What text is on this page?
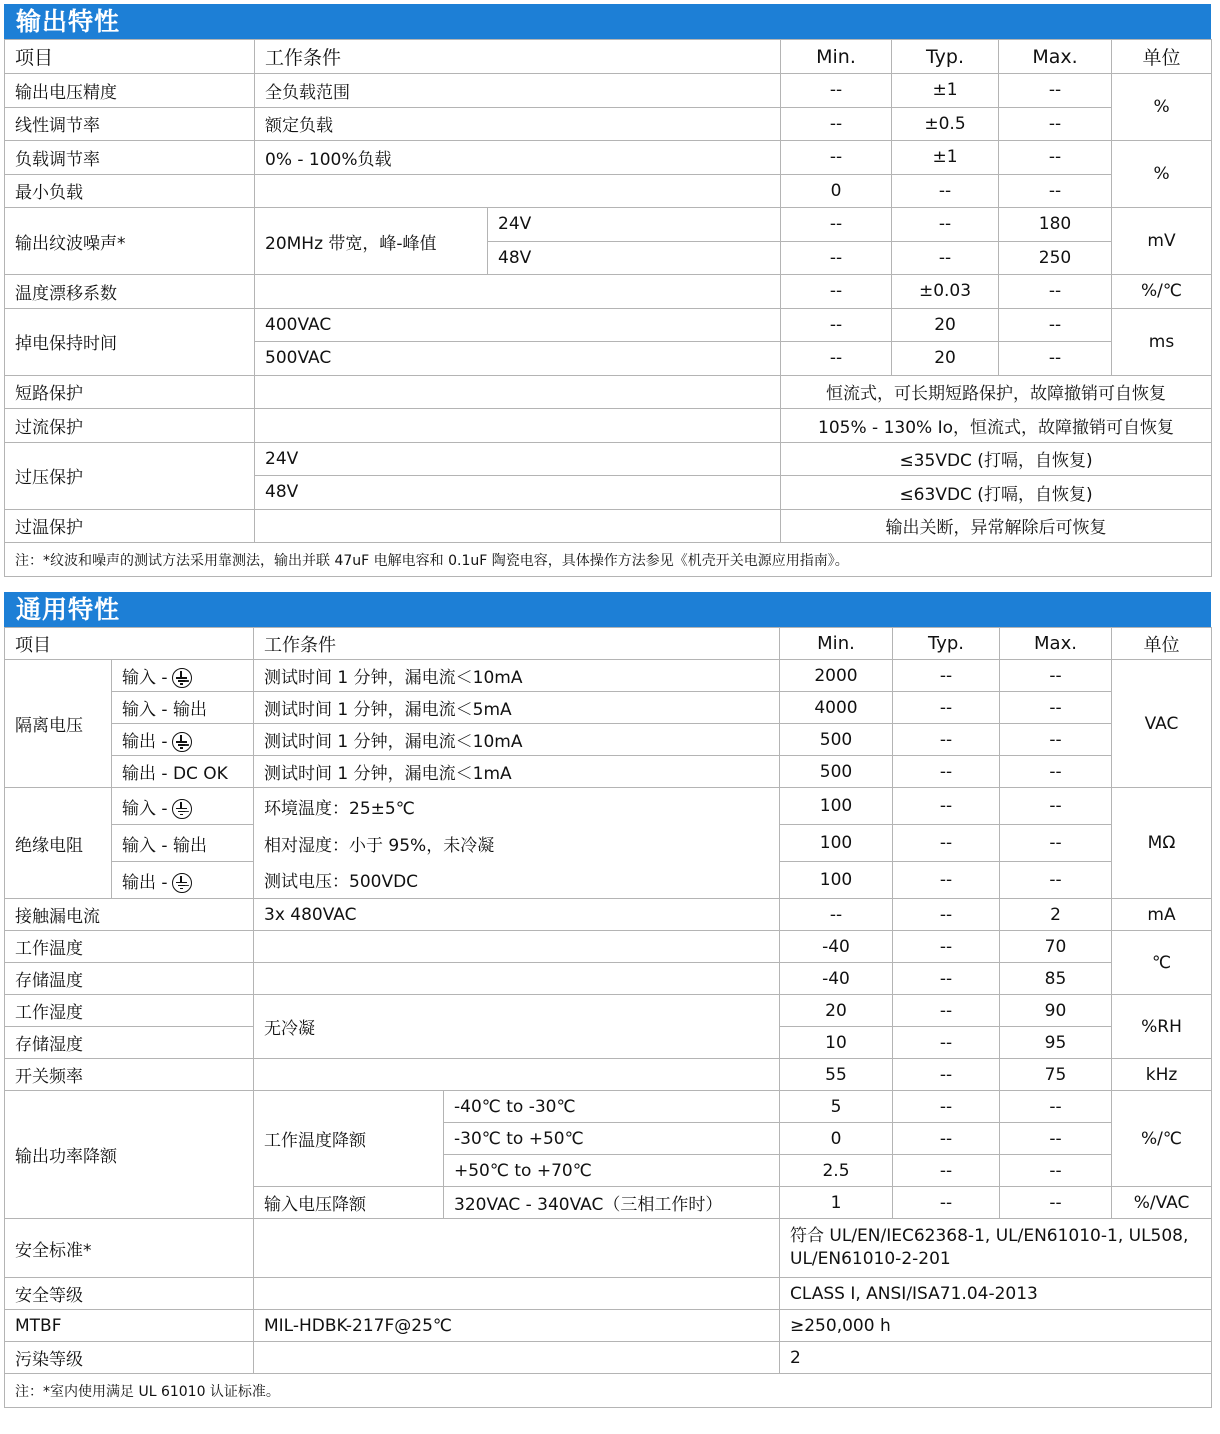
输出特性
项目	工作条件		Min.	Typ.	Max.	单位
输出电压精度	全负载范围		--	±1	--	%
线性调节率	额定负载		--	±0.5	--	
负载调节率	0% - 100%负载		--	±1	--	%
最小负载			0	--	--	
输出纹波噪声*	20MHz 带宽，峰-峰值	24V	--	--	180	mV
		48V	--	--	250	
温度漂移系数			--	±0.03	--	%/℃
掉电保持时间	400VAC		--	20	--	ms
	500VAC		--	20	--	
短路保护			恒流式，可长期短路保护，故障撤销可自恢复			
过流保护			105% - 130% Io，恒流式，故障撤销可自恢复			
过压保护	24V		≤35VDC (打嗝，自恢复)			
	48V		≤63VDC (打嗝，自恢复)			
过温保护			输出关断，异常解除后可恢复			
注：*纹波和噪声的测试方法采用靠测法，输出并联 47uF 电解电容和 0.1uF 陶瓷电容，具体操作方法参见《机壳开关电源应用指南》。						
通用特性
项目		工作条件		Min.	Typ.	Max.	单位
隔离电压	输入 -	测试时间 1 分钟，漏电流＜10mA		2000	--	--	VAC
	输入 - 输出	测试时间 1 分钟，漏电流＜5mA		4000	--	--	
	输出 -	测试时间 1 分钟，漏电流＜10mA		500	--	--	
	输出 - DC OK	测试时间 1 分钟，漏电流＜1mA		500	--	--	
绝缘电阻	输入 -	环境温度：25±5℃		100	--	--	MΩ
	输入 - 输出	相对湿度：小于 95%，未冷凝		100	--	--	
	输出 -	测试电压：500VDC		100	--	--	
接触漏电流		3x 480VAC		--	--	2	mA
工作温度				-40	--	70	℃
存储温度				-40	--	85	
工作湿度		无冷凝		20	--	90	%RH
存储湿度				10	--	95	
开关频率				55	--	75	kHz
输出功率降额		工作温度降额	-40℃ to -30℃	5	--	--	%/℃
			-30℃ to +50℃	0	--	--	
			+50℃ to +70℃	2.5	--	--	
		输入电压降额	320VAC - 340VAC（三相工作时）	1	--	--	%/VAC
安全标准*				符合 UL/EN/IEC62368-1, UL/EN61010-1, UL508, UL/EN61010-2-201			
安全等级				CLASS I, ANSI/ISA71.04-2013			
MTBF		MIL-HDBK-217F@25℃		≥250,000 h			
污染等级				2			
注：*室内使用满足 UL 61010 认证标准。							
